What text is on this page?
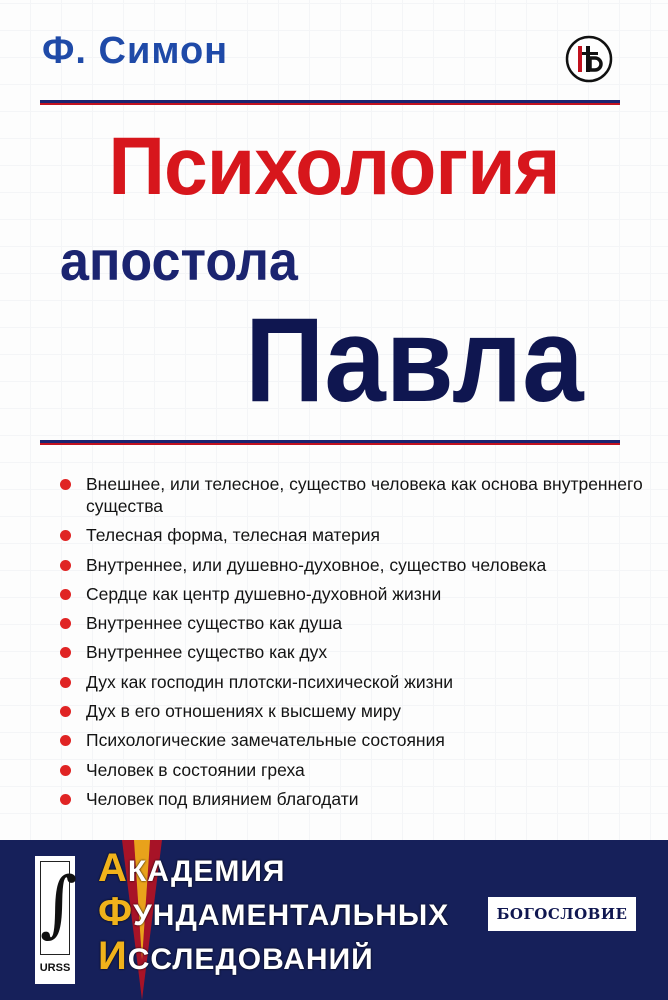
Ф. Симон
Психология
апостола
Павла
Внешнее, или телесное, существо человека как основа внутреннего существа
Телесная форма, телесная материя
Внутреннее, или душевно-духовное, существо человека
Сердце как центр душевно-духовной жизни
Внутреннее существо как душа
Внутреннее существо как дух
Дух как господин плотски-психической жизни
Дух в его отношениях к высшему миру
Психологические замечательные состояния
Человек в состоянии греха
Человек под влиянием благодати
∫
URSS
АКАДЕМИЯ
ФУНДАМЕНТАЛЬНЫХ
ИССЛЕДОВАНИЙ
БОГОСЛОВИЕ
